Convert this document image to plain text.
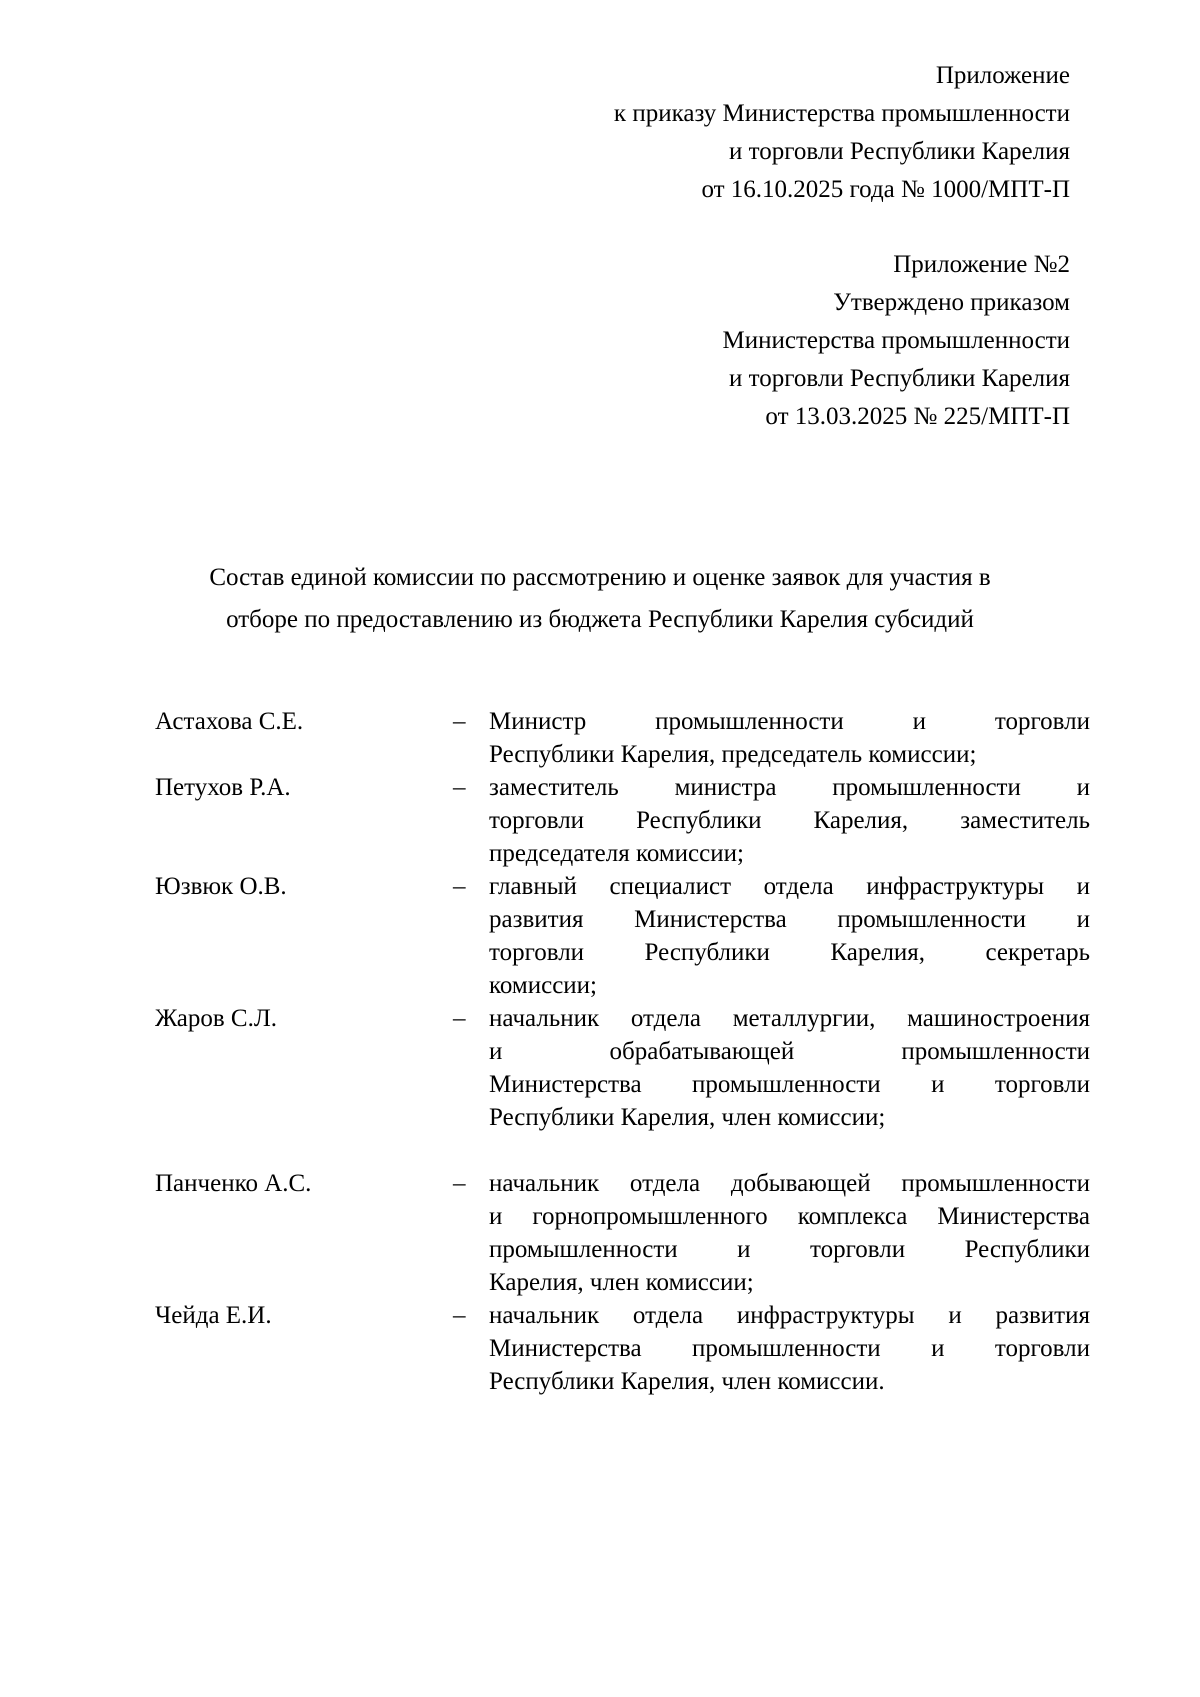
Приложение
к приказу Министерства промышленности
и торговли Республики Карелия
от 16.10.2025 года № 1000/МПТ-П
Приложение №2
Утверждено приказом
Министерства промышленности
и торговли Республики Карелия
от 13.03.2025 № 225/МПТ-П
Состав единой комиссии по рассмотрению и оценке заявок для участия в
отборе по предоставлению из бюджета Республики Карелия субсидий
Астахова С.Е.	– Министр промышленности и торговли
Республики Карелия, председатель комиссии;
Петухов Р.А.	– заместитель министра промышленности и
торговли Республики Карелия, заместитель
председателя комиссии;
Юзвюк О.В.	– главный специалист отдела инфраструктуры и
развития Министерства промышленности и
торговли Республики Карелия, секретарь
комиссии;
Жаров С.Л.	– начальник отдела металлургии, машиностроения
и обрабатывающей промышленности
Министерства промышленности и торговли
Республики Карелия, член комиссии;
Панченко А.С.	– начальник отдела добывающей промышленности
и горнопромышленного комплекса Министерства
промышленности и торговли Республики
Карелия, член комиссии;
Чейда Е.И.	– начальник отдела инфраструктуры и развития
Министерства промышленности и торговли
Республики Карелия, член комиссии.
